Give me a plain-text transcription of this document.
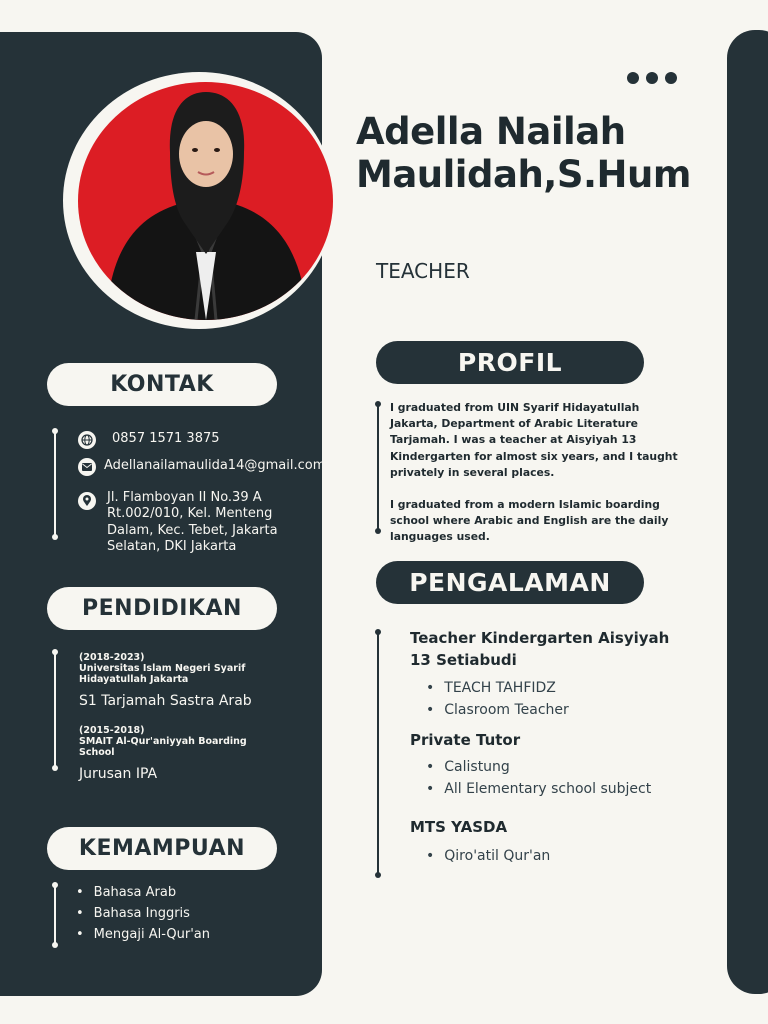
Adella Nailah Maulidah,S.Hum
TEACHER
KONTAK
0857 1571 3875
Adellanailamaulida14@gmail.com
Jl. Flamboyan II No.39 A Rt.002/010, Kel. Menteng Dalam, Kec. Tebet, Jakarta Selatan, DKI Jakarta
PENDIDIKAN
(2018-2023)
Universitas Islam Negeri Syarif Hidayatullah Jakarta
S1 Tarjamah Sastra Arab
(2015-2018)
SMAIT Al-Qur'aniyyah Boarding School
Jurusan IPA
KEMAMPUAN
• Bahasa Arab
• Bahasa Inggris
• Mengaji Al-Qur'an
PROFIL

I graduated from UIN Syarif Hidayatullah Jakarta, Department of Arabic Literature Tarjamah. I was a teacher at Aisyiyah 13 Kindergarten for almost six years, and I taught privately in several places.

I graduated from a modern Islamic boarding school where Arabic and English are the daily languages used.

PENGALAMAN
Teacher Kindergarten Aisyiyah 13 Setiabudi
• TEACH TAHFIDZ
• Clasroom Teacher
Private Tutor
• Calistung
• All Elementary school subject
MTS YASDA
• Qiro'atil Qur'an
